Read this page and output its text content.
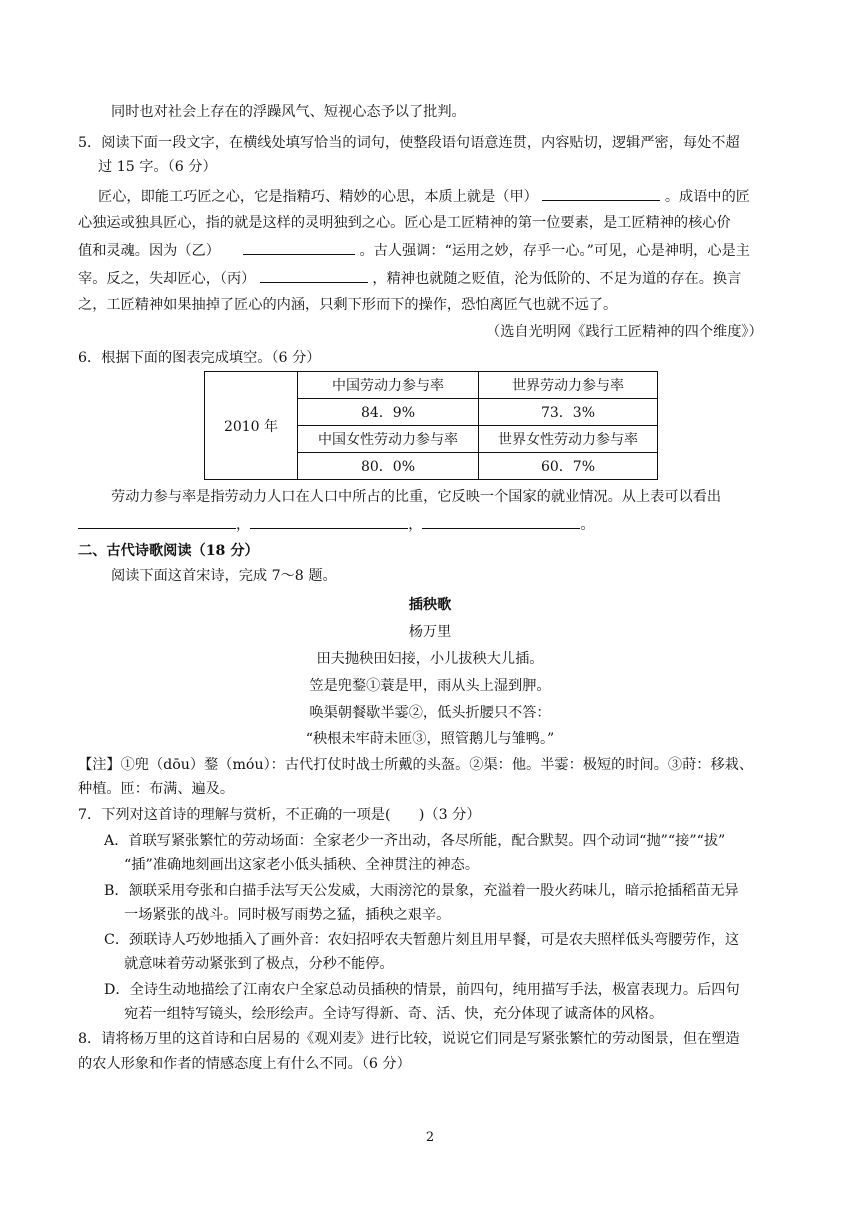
同时也对社会上存在的浮躁风气、短视心态予以了批判。
5．阅读下面一段文字，在横线处填写恰当的词句，使整段语句语意连贯，内容贴切，逻辑严密，每处不超
过 15 字。（6 分）
匠心，即能工巧匠之心，它是指精巧、精妙的心思，本质上就是（甲）	。成语中的匠
心独运或独具匠心，指的就是这样的灵明独到之心。匠心是工匠精神的第一位要素，是工匠精神的核心价
值和灵魂。因为（乙）	。古人强调：“运用之妙，存乎一心。”可见，心是神明，心是主
宰。反之，失却匠心，（丙）	，精神也就随之贬值，沦为低阶的、不足为道的存在。换言
之，工匠精神如果抽掉了匠心的内涵，只剩下形而下的操作，恐怕离匠气也就不远了。
（选自光明网《践行工匠精神的四个维度》）
6．根据下面的图表完成填空。（6 分）
2010 年	中国劳动力参与率	世界劳动力参与率
	84．9%	73．3%
	中国女性劳动力参与率	世界女性劳动力参与率
	80．0%	60．7%
劳动力参与率是指劳动力人口在人口中所占的比重，它反映一个国家的就业情况。从上表可以看出
，	，	。
二、古代诗歌阅读（18 分）
阅读下面这首宋诗，完成 7～8 题。
插秧歌
杨万里
田夫抛秧田妇接，小儿拔秧大儿插。
笠是兜鍪①蓑是甲，雨从头上湿到胛。
唤渠朝餐歇半霎②，低头折腰只不答：
“秧根未牢莳未匝③，照管鹅儿与雏鸭。”
【注】①兜（dōu）鍪（móu）：古代打仗时战士所戴的头盔。②渠：他。半霎：极短的时间。③莳：移栽、
种植。匝：布满、遍及。
7．下列对这首诗的理解与赏析，不正确的一项是(　　)（3 分）
A．首联写紧张繁忙的劳动场面：全家老少一齐出动，各尽所能，配合默契。四个动词“抛”“接”“拔”
“插”准确地刻画出这家老小低头插秧、全神贯注的神态。
B．颔联采用夸张和白描手法写天公发威，大雨滂沱的景象，充溢着一股火药味儿，暗示抢插稻苗无异
一场紧张的战斗。同时极写雨势之猛，插秧之艰辛。
C．颈联诗人巧妙地插入了画外音：农妇招呼农夫暂憩片刻且用早餐，可是农夫照样低头弯腰劳作，这
就意味着劳动紧张到了极点，分秒不能停。
D．全诗生动地描绘了江南农户全家总动员插秧的情景，前四句，纯用描写手法，极富表现力。后四句
宛若一组特写镜头，绘形绘声。全诗写得新、奇、活、快，充分体现了诚斋体的风格。
8．请将杨万里的这首诗和白居易的《观刈麦》进行比较，说说它们同是写紧张繁忙的劳动图景，但在塑造
的农人形象和作者的情感态度上有什么不同。（6 分）
2
